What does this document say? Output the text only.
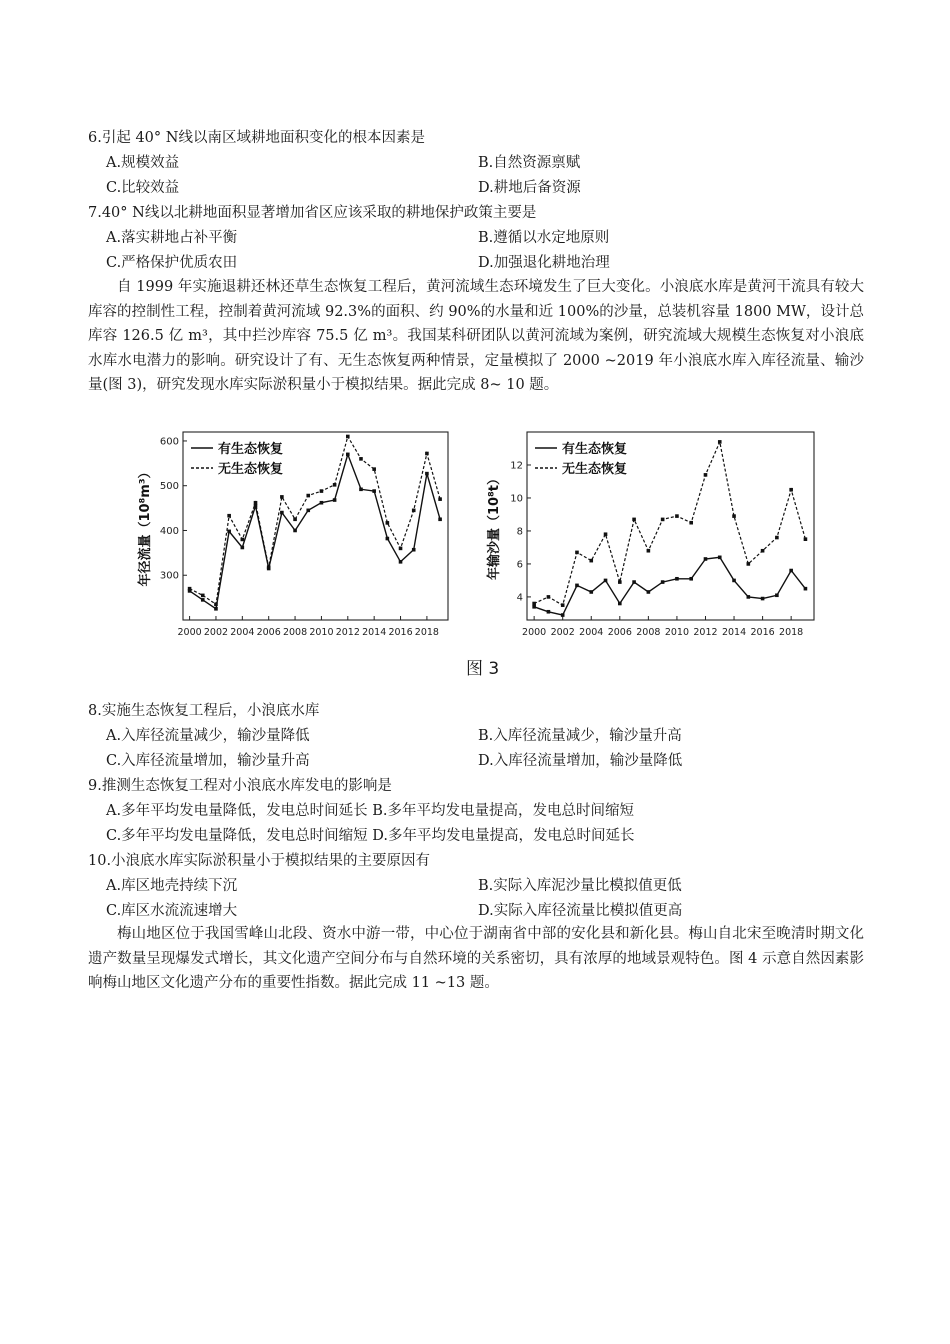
6.引起 40° N线以南区域耕地面积变化的根本因素是
A.规模效益	B.自然资源禀赋
C.比较效益	D.耕地后备资源
7.40° N线以北耕地面积显著增加省区应该采取的耕地保护政策主要是
A.落实耕地占补平衡	B.遵循以水定地原则
C.严格保护优质农田	D.加强退化耕地治理
自 1999 年实施退耕还林还草生态恢复工程后，黄河流域生态环境发生了巨大变化。小浪底水库是黄河干流具有较大库容的控制性工程，控制着黄河流域 92.3%的面积、约 90%的水量和近 100%的沙量，总装机容量 1800 MW，设计总库容 126.5 亿 m³，其中拦沙库容 75.5 亿 m³。我国某科研团队以黄河流域为案例，研究流域大规模生态恢复对小浪底水库水电潜力的影响。研究设计了有、无生态恢复两种情景，定量模拟了 2000 ~2019 年小浪底水库入库径流量、输沙量(图 3)，研究发现水库实际淤积量小于模拟结果。据此完成 8~ 10 题。
300
400
500
600
2000 2002 2004 2006 2008 2010 2012 2014 2016 2018
年径流量（10⁸m³）
有生态恢复
无生态恢复
4
6
8
10
12
2000 2002 2004 2006 2008 2010 2012 2014 2016 2018
年输沙量（10⁸t）
有生态恢复
无生态恢复
图 3
8.实施生态恢复工程后，小浪底水库
A.入库径流量减少，输沙量降低	B.入库径流量减少，输沙量升高
C.入库径流量增加，输沙量升高	D.入库径流量增加，输沙量降低
9.推测生态恢复工程对小浪底水库发电的影响是
A.多年平均发电量降低，发电总时间延长 B.多年平均发电量提高，发电总时间缩短
C.多年平均发电量降低，发电总时间缩短 D.多年平均发电量提高，发电总时间延长
10.小浪底水库实际淤积量小于模拟结果的主要原因有
A.库区地壳持续下沉	B.实际入库泥沙量比模拟值更低
C.库区水流流速增大	D.实际入库径流量比模拟值更高
梅山地区位于我国雪峰山北段、资水中游一带，中心位于湖南省中部的安化县和新化县。梅山自北宋至晚清时期文化遗产数量呈现爆发式增长，其文化遗产空间分布与自然环境的关系密切，具有浓厚的地域景观特色。图 4 示意自然因素影响梅山地区文化遗产分布的重要性指数。据此完成 11 ~13 题。
